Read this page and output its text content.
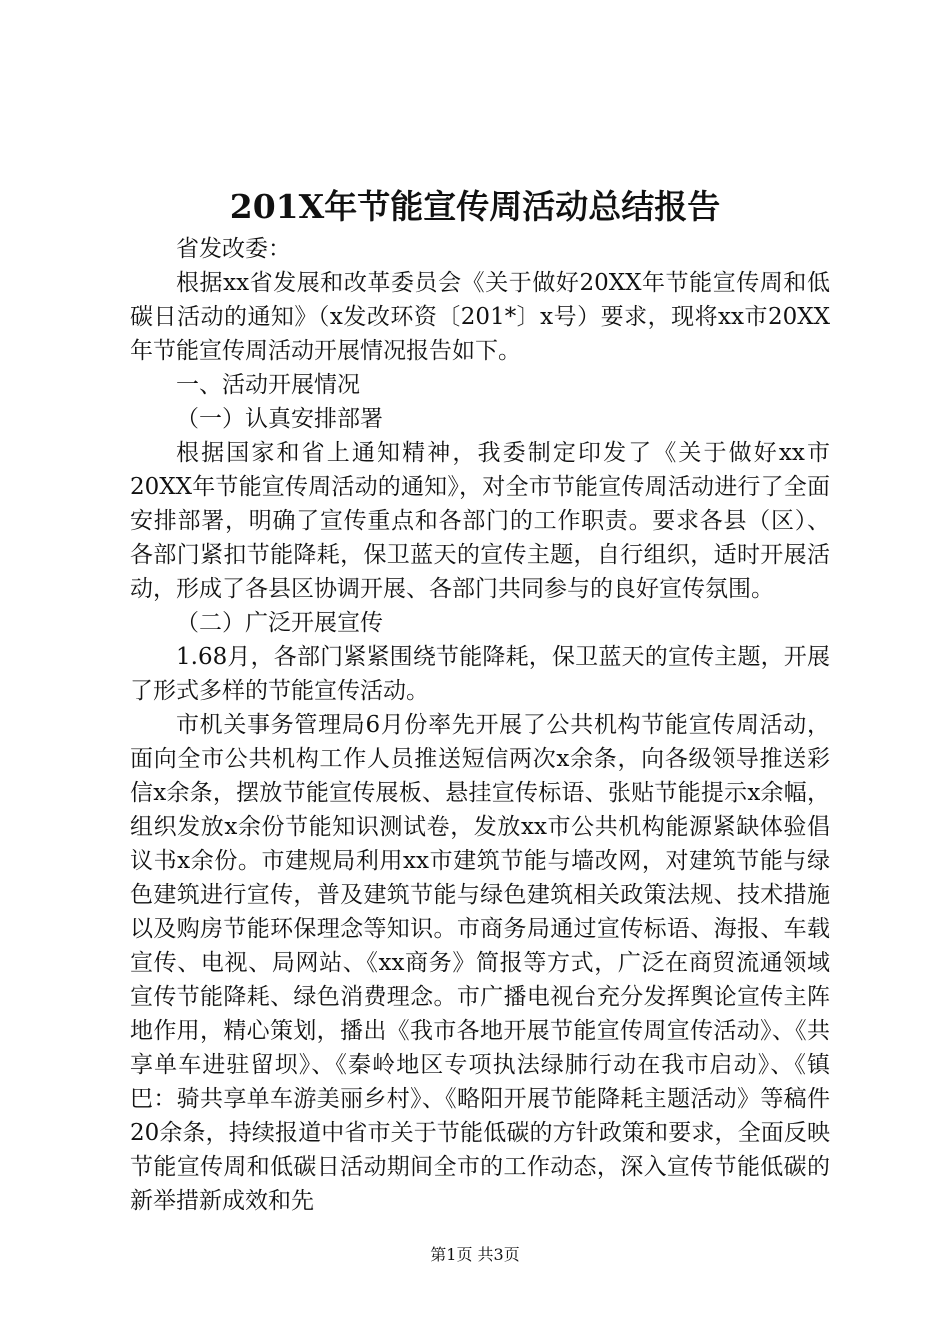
201X年节能宣传周活动总结报告

省发改委：

根据xx省发展和改革委员会《关于做好20XX年节能宣传周和低碳日活动的通知》（x发改环资〔201*〕x号）要求，现将xx市20XX年节能宣传周活动开展情况报告如下。

一、活动开展情况

（一）认真安排部署

根据国家和省上通知精神，我委制定印发了《关于做好xx市20XX年节能宣传周活动的通知》，对全市节能宣传周活动进行了全面安排部署，明确了宣传重点和各部门的工作职责。要求各县（区）、各部门紧扣节能降耗，保卫蓝天的宣传主题，自行组织，适时开展活动，形成了各县区协调开展、各部门共同参与的良好宣传氛围。

（二）广泛开展宣传

1.68月，各部门紧紧围绕节能降耗，保卫蓝天的宣传主题，开展了形式多样的节能宣传活动。

市机关事务管理局6月份率先开展了公共机构节能宣传周活动，面向全市公共机构工作人员推送短信两次x余条，向各级领导推送彩信x余条，摆放节能宣传展板、悬挂宣传标语、张贴节能提示x余幅，组织发放x余份节能知识测试卷，发放xx市公共机构能源紧缺体验倡议书x余份。市建规局利用xx市建筑节能与墙改网，对建筑节能与绿色建筑进行宣传，普及建筑节能与绿色建筑相关政策法规、技术措施以及购房节能环保理念等知识。市商务局通过宣传标语、海报、车载宣传、电视、局网站、《xx商务》简报等方式，广泛在商贸流通领域宣传节能降耗、绿色消费理念。市广播电视台充分发挥舆论宣传主阵地作用，精心策划，播出《我市各地开展节能宣传周宣传活动》、《共享单车进驻留坝》、《秦岭地区专项执法绿肺行动在我市启动》、《镇巴：骑共享单车游美丽乡村》、《略阳开展节能降耗主题活动》等稿件20余条，持续报道中省市关于节能低碳的方针政策和要求，全面反映节能宣传周和低碳日活动期间全市的工作动态，深入宣传节能低碳的新举措新成效和先

第1页 共3页
